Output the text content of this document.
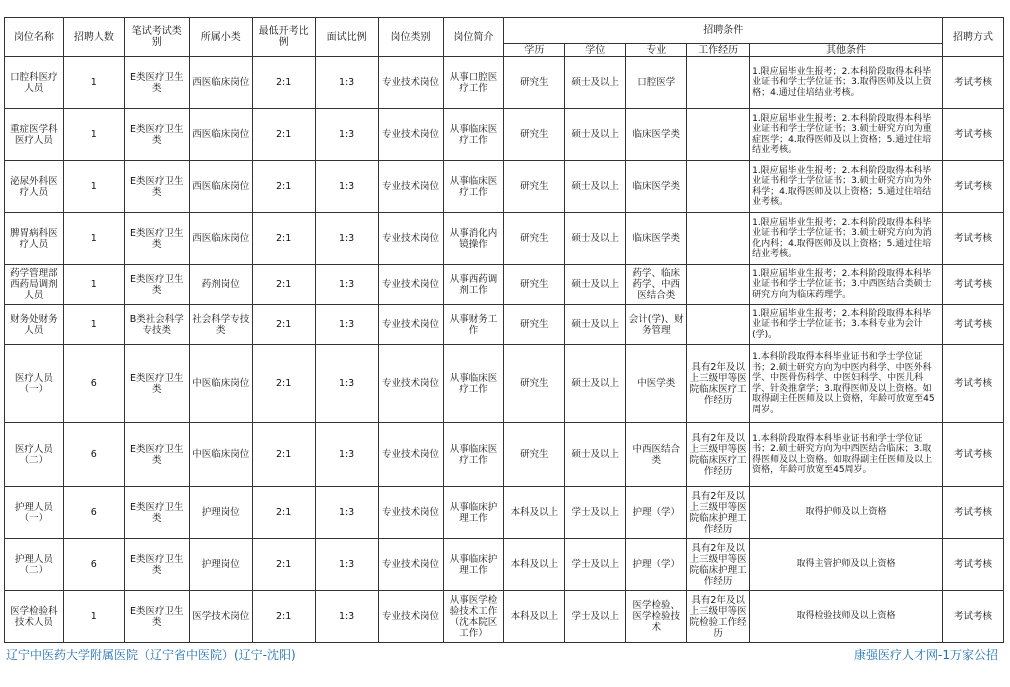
岗位名称	招聘人数	笔试考试类别	所属小类	最低开考比例	面试比例	岗位类别	岗位简介	招聘条件					招聘方式
								学历	学位	专业	工作经历	其他条件	
口腔科医疗人员	1	E类医疗卫生类	西医临床岗位	2:1	1:3	专业技术岗位	从事口腔医疗工作	研究生	硕士及以上	口腔医学		1.限应届毕业生报考；2.本科阶段取得本科毕业证书和学士学位证书；3.取得医师及以上资格；4.通过住培结业考核。	考试考核
重症医学科医疗人员	1	E类医疗卫生类	西医临床岗位	2:1	1:3	专业技术岗位	从事临床医疗工作	研究生	硕士及以上	临床医学类		1.限应届毕业生报考；2.本科阶段取得本科毕业证书和学士学位证书；3.硕士研究方向为重症医学；4.取得医师及以上资格；5.通过住培结业考核。	考试考核
泌尿外科医疗人员	1	E类医疗卫生类	西医临床岗位	2:1	1:3	专业技术岗位	从事临床医疗工作	研究生	硕士及以上	临床医学类		1.限应届毕业生报考；2.本科阶段取得本科毕业证书和学士学位证书；3.硕士研究方向为外科学；4.取得医师及以上资格；5.通过住培结业考核。	考试考核
脾胃病科医疗人员	1	E类医疗卫生类	西医临床岗位	2:1	1:3	专业技术岗位	从事消化内镜操作	研究生	硕士及以上	临床医学类		1.限应届毕业生报考；2.本科阶段取得本科毕业证书和学士学位证书；3.硕士研究方向为消化内科；4.取得医师及以上资格；5.通过住培结业考核。	考试考核
药学管理部西药局调剂人员	1	E类医疗卫生类	药剂岗位	2:1	1:3	专业技术岗位	从事西药调剂工作	研究生	硕士及以上	药学、临床药学、中西医结合类		1.限应届毕业生报考；2.本科阶段取得本科毕业证书和学士学位证书；3.中西医结合类硕士研究方向为临床药理学。	考试考核
财务处财务人员	1	B类社会科学专技类	社会科学专技类	2:1	1:3	专业技术岗位	从事财务工作	研究生	硕士及以上	会计(学)、财务管理		1.限应届毕业生报考；2.本科阶段取得本科毕业证书和学士学位证书；3.本科专业为会计(学)。	考试考核
医疗人员（一）	6	E类医疗卫生类	中医临床岗位	2:1	1:3	专业技术岗位	从事临床医疗工作	研究生	硕士及以上	中医学类	具有2年及以上三级甲等医院临床医疗工作经历	1.本科阶段取得本科毕业证书和学士学位证书；2.硕士研究方向为中医内科学、中医外科学、中医骨伤科学、中医妇科学、中医儿科学、针灸推拿学；3.取得医师及以上资格。如取得副主任医师及以上资格，年龄可放宽至45周岁。	考试考核
医疗人员（二）	6	E类医疗卫生类	中医临床岗位	2:1	1:3	专业技术岗位	从事临床医疗工作	研究生	硕士及以上	中西医结合类	具有2年及以上三级甲等医院临床医疗工作经历	1.本科阶段取得本科毕业证书和学士学位证书；2.硕士研究方向为中西医结合临床；3.取得医师及以上资格。如取得副主任医师及以上资格，年龄可放宽至45周岁。	考试考核
护理人员（一）	6	E类医疗卫生类	护理岗位	2:1	1:3	专业技术岗位	从事临床护理工作	本科及以上	学士及以上	护理（学）	具有2年及以上三级甲等医院临床护理工作经历	取得护师及以上资格	考试考核
护理人员（二）	6	E类医疗卫生类	护理岗位	2:1	1:3	专业技术岗位	从事临床护理工作	本科及以上	学士及以上	护理（学）	具有2年及以上三级甲等医院临床护理工作经历	取得主管护师及以上资格	考试考核
医学检验科技术人员	1	E类医疗卫生类	医学技术岗位	2:1	1:3	专业技术岗位	从事医学检验技术工作（沈本院区工作）	本科及以上	学士及以上	医学检验、医学检验技术	具有2年及以上三级甲等医院检验工作经历	取得检验技师及以上资格	考试考核
辽宁中医药大学附属医院（辽宁省中医院）(辽宁-沈阳)	康强医疗人才网-1万家公招
